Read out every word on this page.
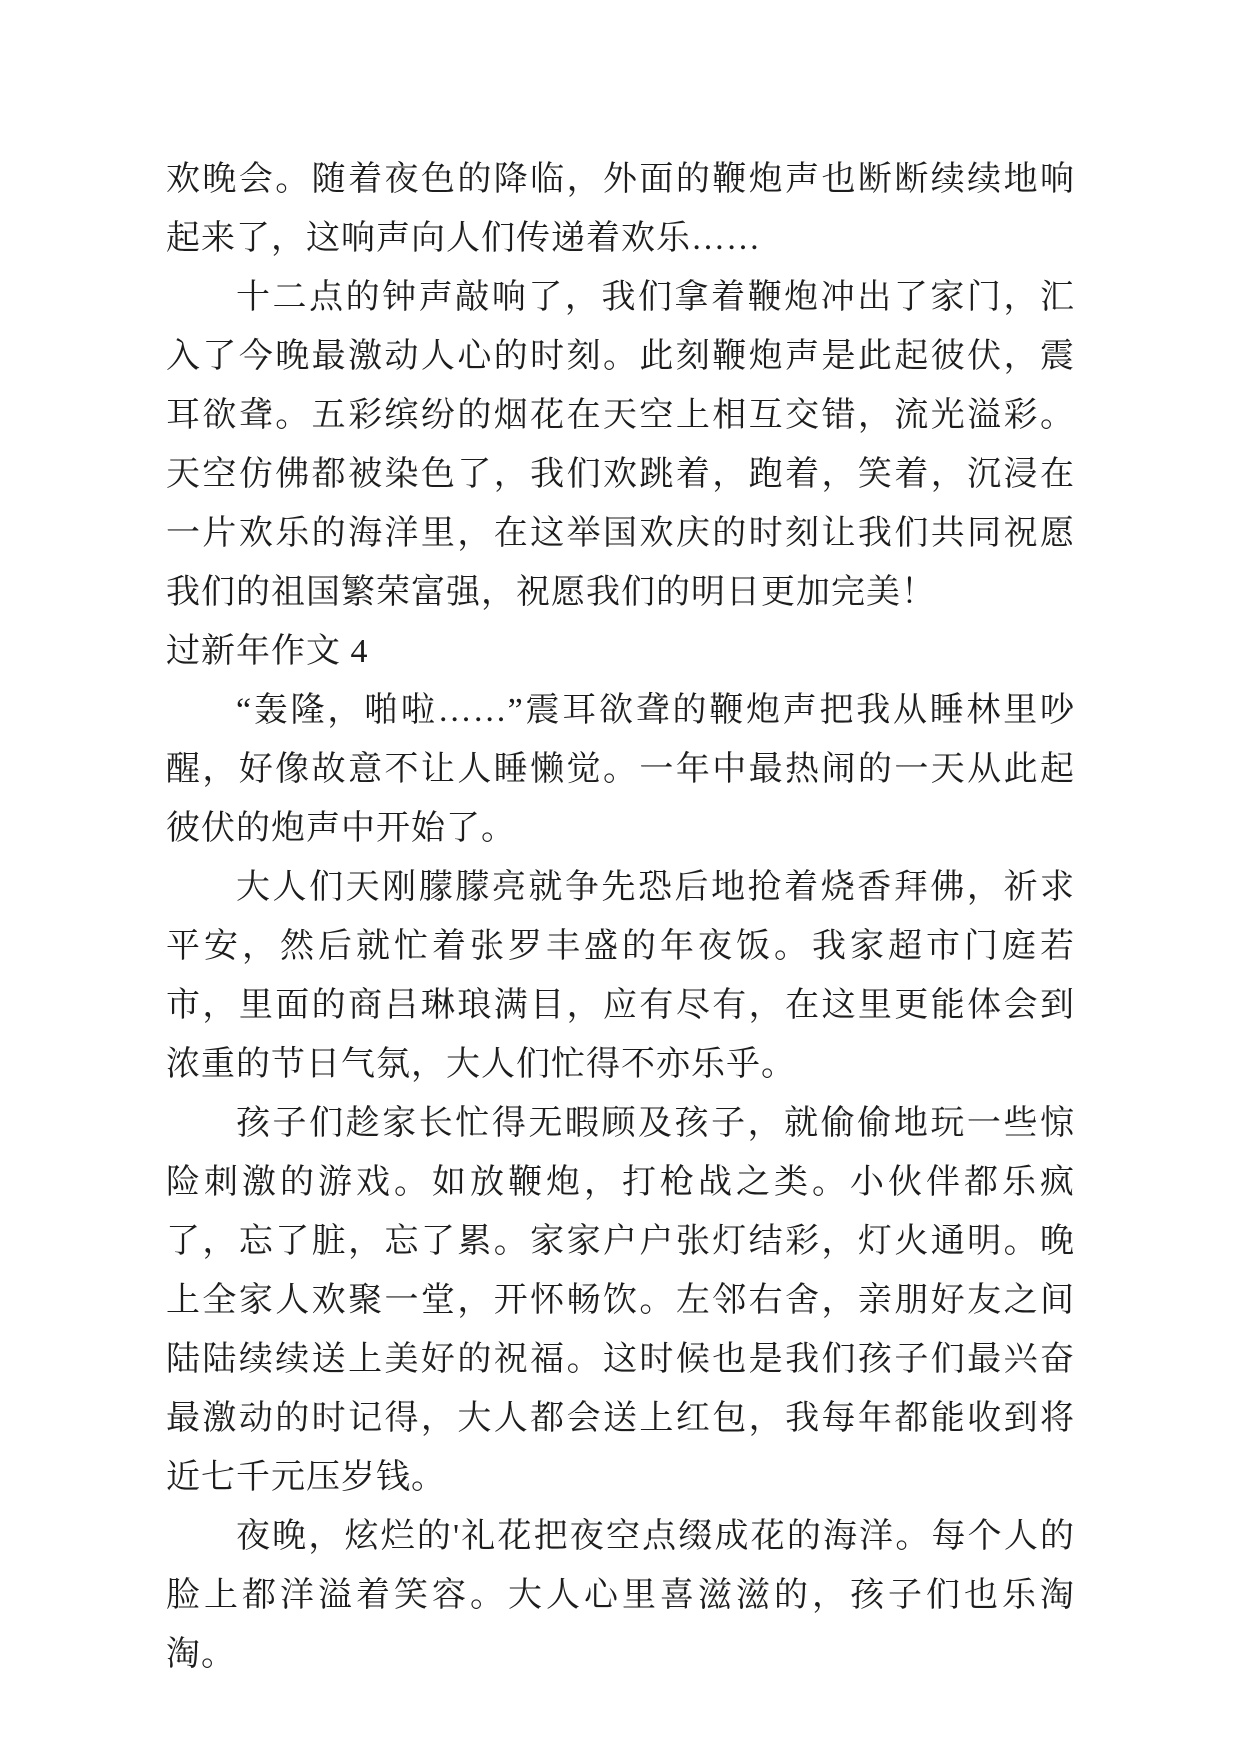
欢晚会。随着夜色的降临，外面的鞭炮声也断断续续地响起来了，这响声向人们传递着欢乐……

十二点的钟声敲响了，我们拿着鞭炮冲出了家门，汇入了今晚最激动人心的时刻。此刻鞭炮声是此起彼伏，震耳欲聋。五彩缤纷的烟花在天空上相互交错，流光溢彩。天空仿佛都被染色了，我们欢跳着，跑着，笑着，沉浸在一片欢乐的海洋里，在这举国欢庆的时刻让我们共同祝愿我们的祖国繁荣富强，祝愿我们的明日更加完美！

过新年作文 4

“轰隆，啪啦……”震耳欲聋的鞭炮声把我从睡林里吵醒，好像故意不让人睡懒觉。一年中最热闹的一天从此起彼伏的炮声中开始了。

大人们天刚朦朦亮就争先恐后地抢着烧香拜佛，祈求平安，然后就忙着张罗丰盛的年夜饭。我家超市门庭若市，里面的商吕琳琅满目，应有尽有，在这里更能体会到浓重的节日气氛，大人们忙得不亦乐乎。

孩子们趁家长忙得无暇顾及孩子，就偷偷地玩一些惊险刺激的游戏。如放鞭炮，打枪战之类。小伙伴都乐疯了，忘了脏，忘了累。家家户户张灯结彩，灯火通明。晚上全家人欢聚一堂，开怀畅饮。左邻右舍，亲朋好友之间陆陆续续送上美好的祝福。这时候也是我们孩子们最兴奋最激动的时记得，大人都会送上红包，我每年都能收到将近七千元压岁钱。

夜晚，炫烂的'礼花把夜空点缀成花的海洋。每个人的脸上都洋溢着笑容。大人心里喜滋滋的，孩子们也乐淘淘。
